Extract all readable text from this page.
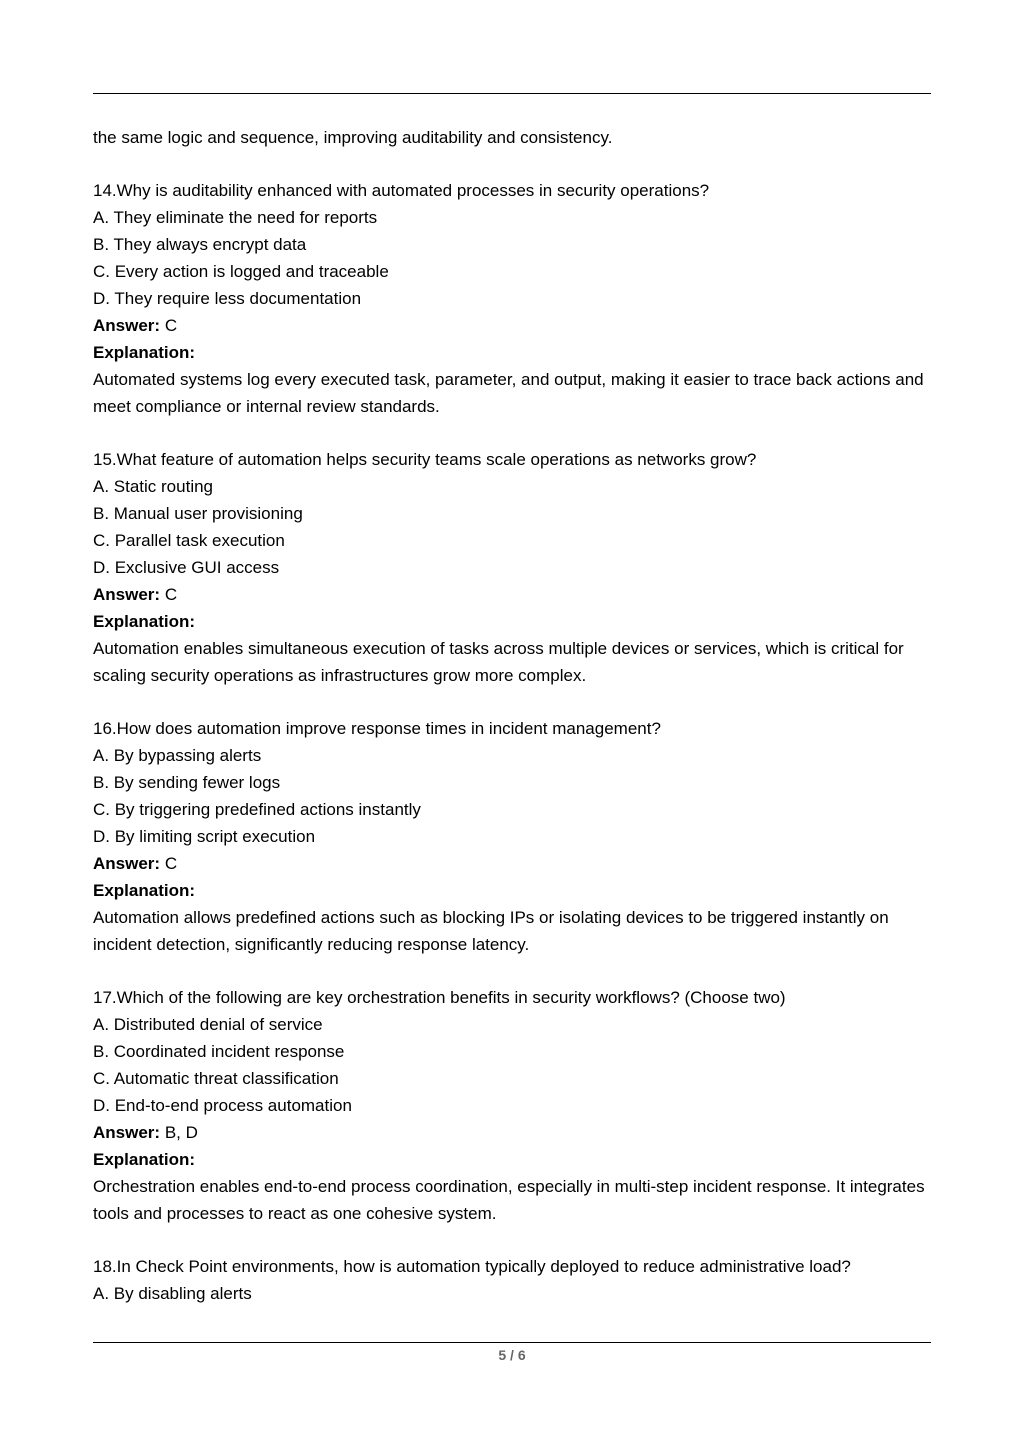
the same logic and sequence, improving auditability and consistency.
14.Why is auditability enhanced with automated processes in security operations?
A. They eliminate the need for reports
B. They always encrypt data
C. Every action is logged and traceable
D. They require less documentation
Answer: C
Explanation:
Automated systems log every executed task, parameter, and output, making it easier to trace back actions and meet compliance or internal review standards.
15.What feature of automation helps security teams scale operations as networks grow?
A. Static routing
B. Manual user provisioning
C. Parallel task execution
D. Exclusive GUI access
Answer: C
Explanation:
Automation enables simultaneous execution of tasks across multiple devices or services, which is critical for scaling security operations as infrastructures grow more complex.
16.How does automation improve response times in incident management?
A. By bypassing alerts
B. By sending fewer logs
C. By triggering predefined actions instantly
D. By limiting script execution
Answer: C
Explanation:
Automation allows predefined actions such as blocking IPs or isolating devices to be triggered instantly on incident detection, significantly reducing response latency.
17.Which of the following are key orchestration benefits in security workflows? (Choose two)
A. Distributed denial of service
B. Coordinated incident response
C. Automatic threat classification
D. End-to-end process automation
Answer: B, D
Explanation:
Orchestration enables end-to-end process coordination, especially in multi-step incident response. It integrates tools and processes to react as one cohesive system.
18.In Check Point environments, how is automation typically deployed to reduce administrative load?
A. By disabling alerts
5 / 6
